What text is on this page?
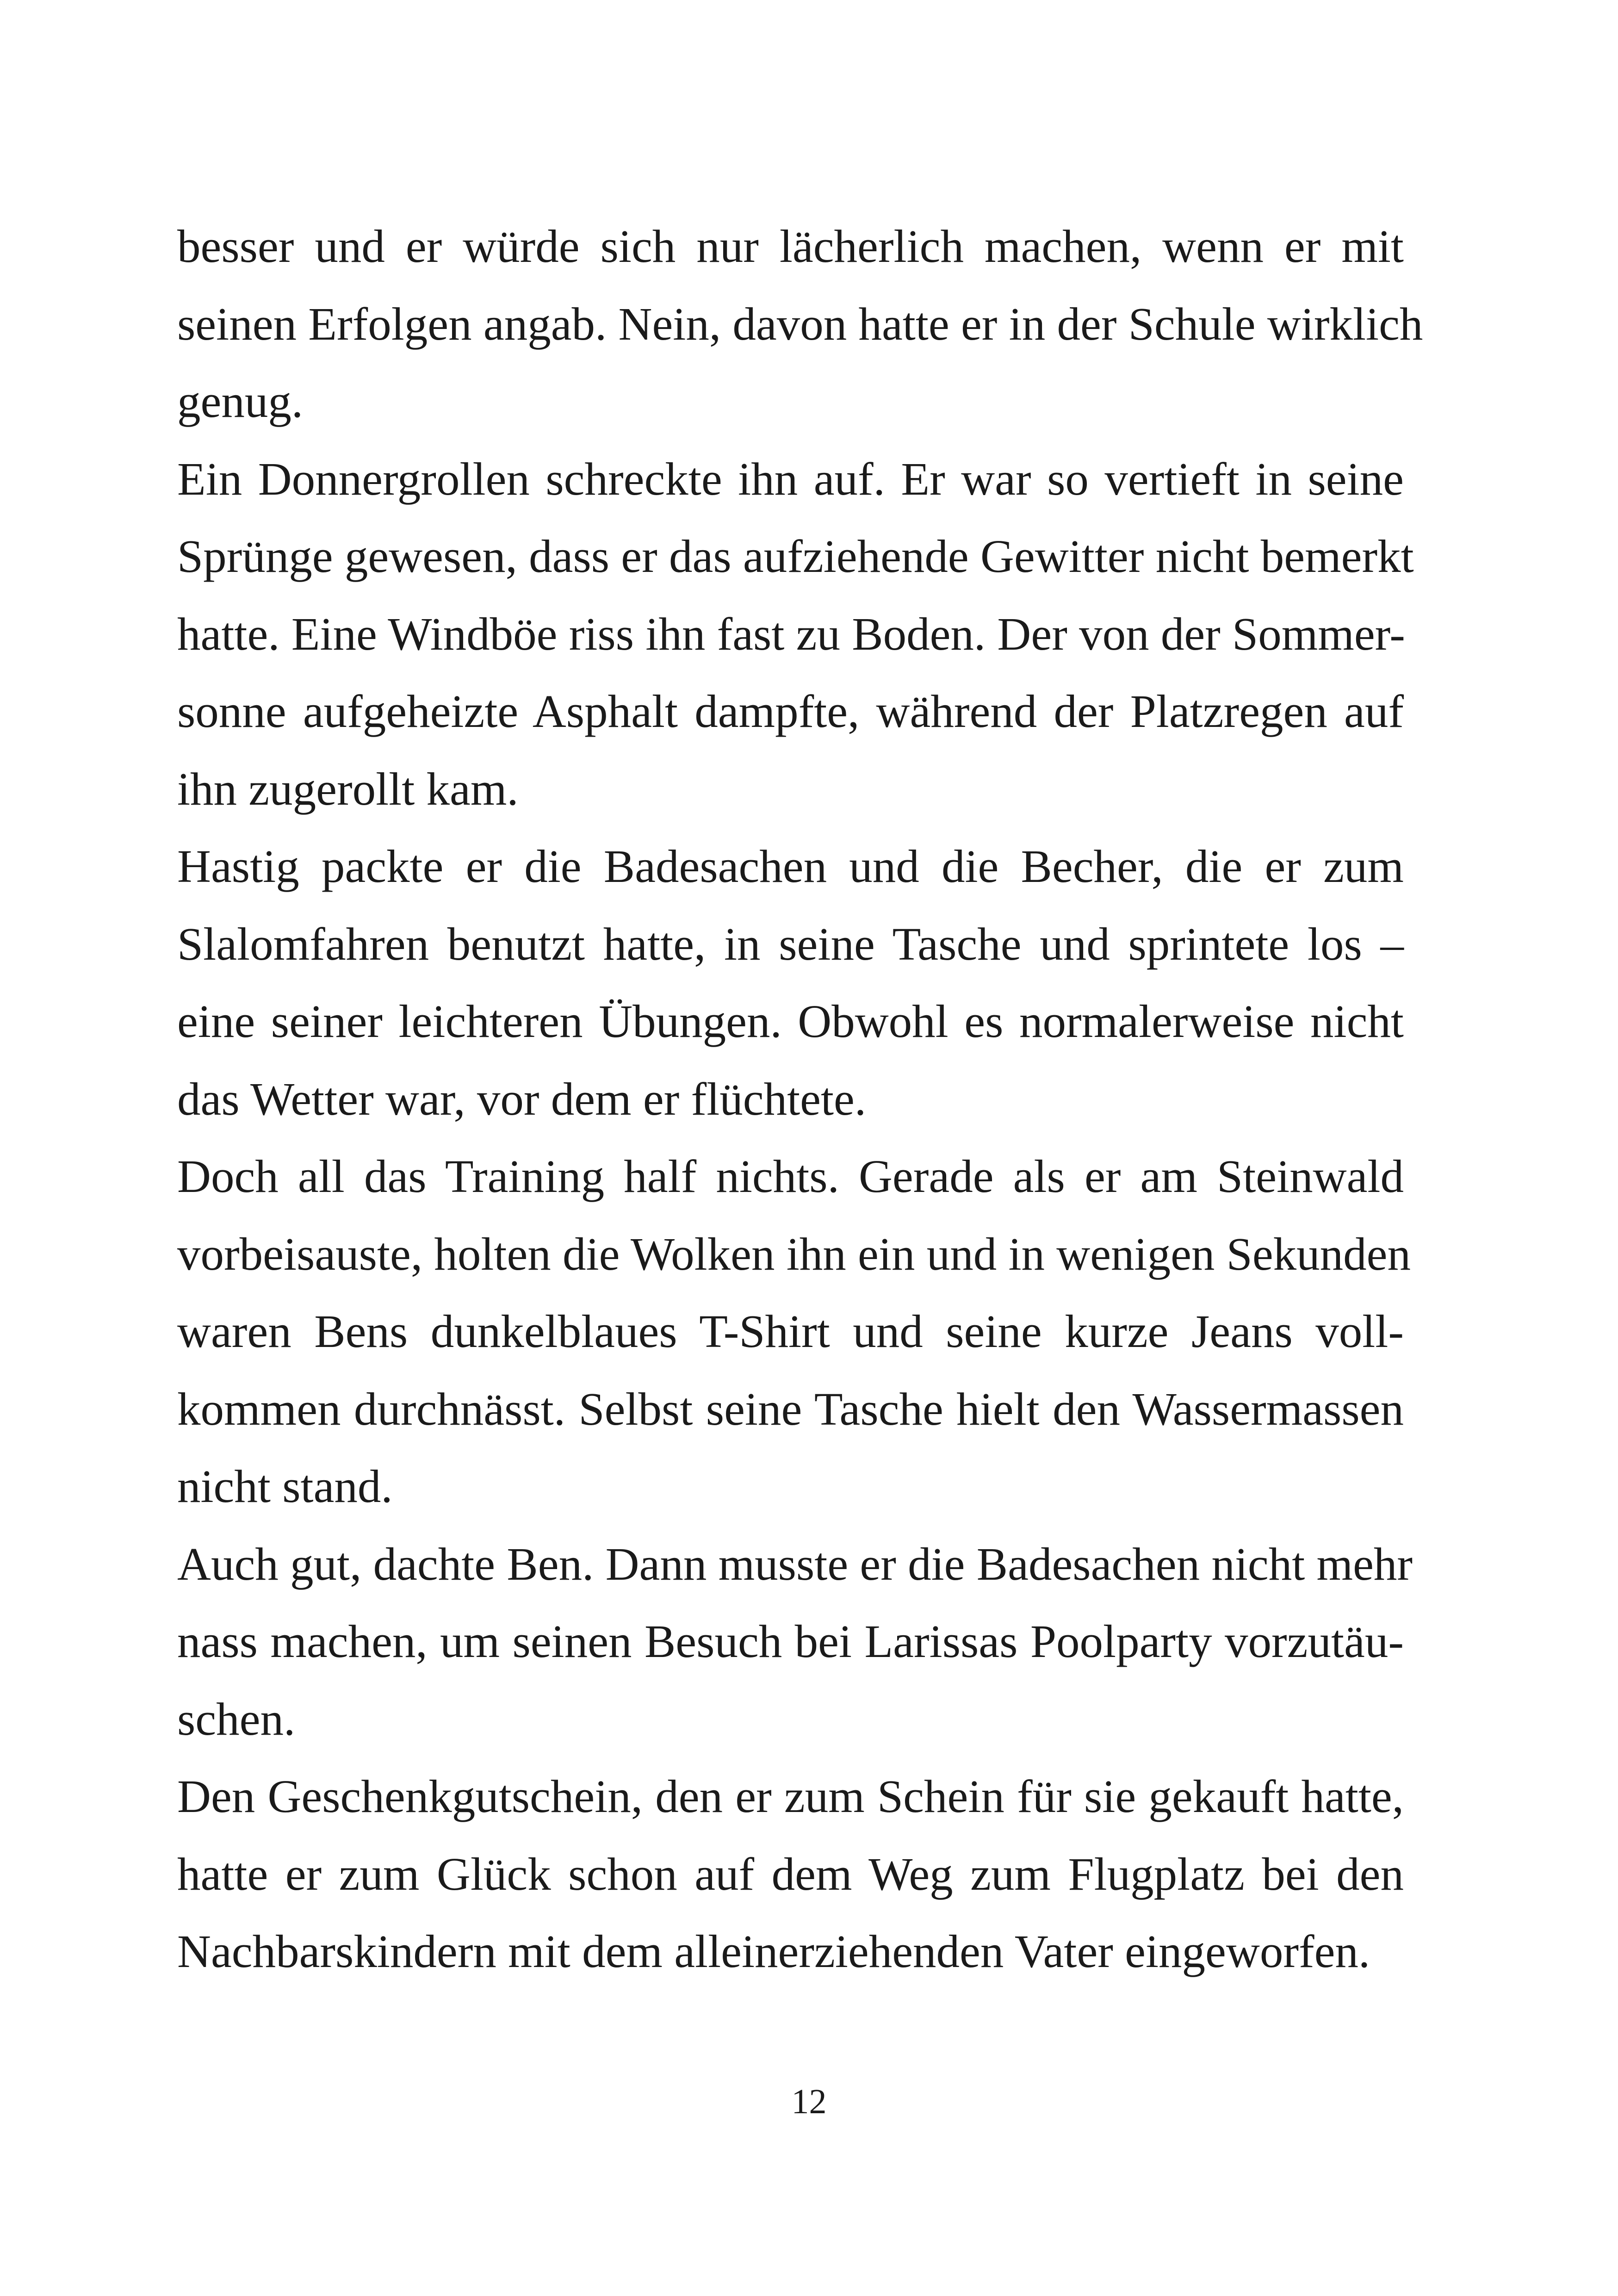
besser und er würde sich nur lächerlich machen, wenn er mit
seinen Erfolgen angab. Nein, davon hatte er in der Schule wirklich
genug.
Ein Donnergrollen schreckte ihn auf. Er war so vertieft in seine
Sprünge gewesen, dass er das aufziehende Gewitter nicht bemerkt
hatte. Eine Windböe riss ihn fast zu Boden. Der von der Sommer-
sonne aufgeheizte Asphalt dampfte, während der Platzregen auf
ihn zugerollt kam.
Hastig packte er die Badesachen und die Becher, die er zum
Slalomfahren benutzt hatte, in seine Tasche und sprintete los –
eine seiner leichteren Übungen. Obwohl es normalerweise nicht
das Wetter war, vor dem er flüchtete.
Doch all das Training half nichts. Gerade als er am Steinwald
vorbeisauste, holten die Wolken ihn ein und in wenigen Sekunden
waren Bens dunkelblaues T-Shirt und seine kurze Jeans voll-
kommen durchnässt. Selbst seine Tasche hielt den Wassermassen
nicht stand.
Auch gut, dachte Ben. Dann musste er die Badesachen nicht mehr
nass machen, um seinen Besuch bei Larissas Poolparty vorzutäu-
schen.
Den Geschenkgutschein, den er zum Schein für sie gekauft hatte,
hatte er zum Glück schon auf dem Weg zum Flugplatz bei den
Nachbarskindern mit dem alleinerziehenden Vater eingeworfen.
12
